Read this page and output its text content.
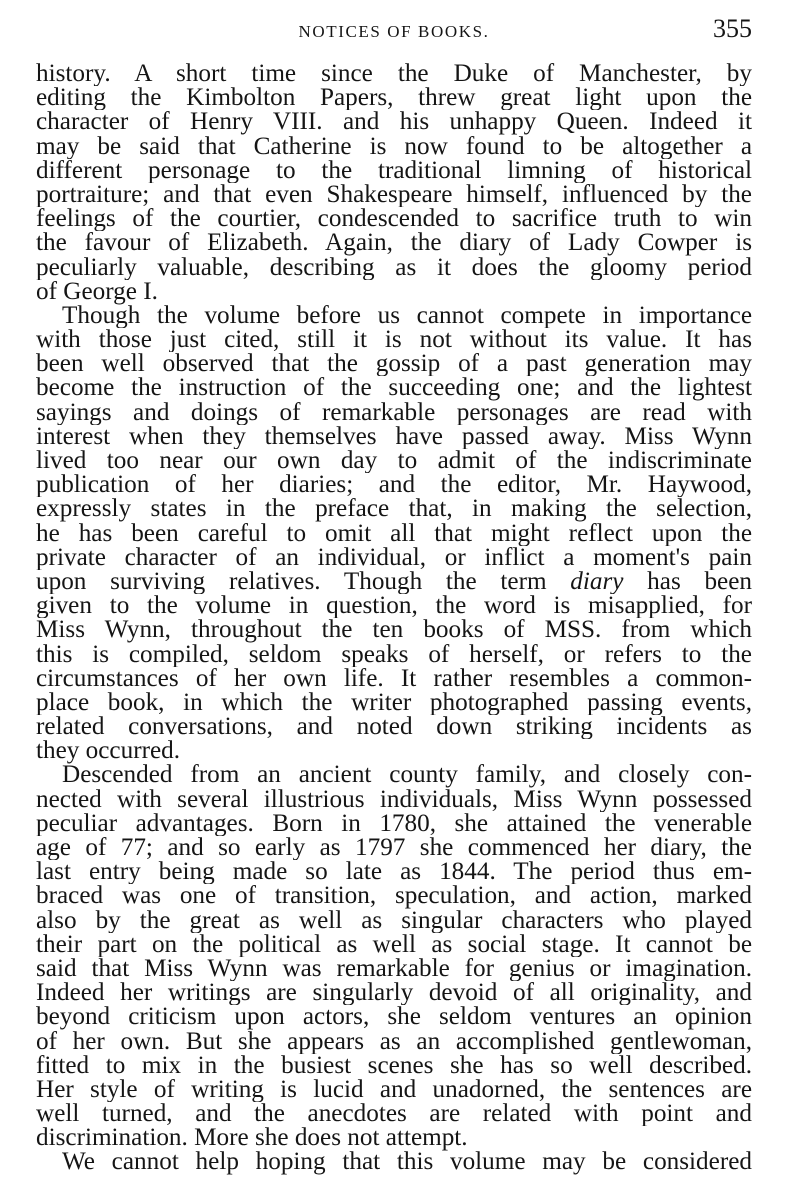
NOTICES OF BOOKS.	355
history. A short time since the Duke of Manchester, by
editing the Kimbolton Papers, threw great light upon the
character of Henry VIII. and his unhappy Queen. Indeed it
may be said that Catherine is now found to be altogether a
different personage to the traditional limning of historical
portraiture; and that even Shakespeare himself, influenced by the
feelings of the courtier, condescended to sacrifice truth to win
the favour of Elizabeth. Again, the diary of Lady Cowper is
peculiarly valuable, describing as it does the gloomy period
of George I.
Though the volume before us cannot compete in importance
with those just cited, still it is not without its value. It has
been well observed that the gossip of a past generation may
become the instruction of the succeeding one; and the lightest
sayings and doings of remarkable personages are read with
interest when they themselves have passed away. Miss Wynn
lived too near our own day to admit of the indiscriminate
publication of her diaries; and the editor, Mr. Haywood,
expressly states in the preface that, in making the selection,
he has been careful to omit all that might reflect upon the
private character of an individual, or inflict a moment's pain
upon surviving relatives. Though the term diary has been
given to the volume in question, the word is misapplied, for
Miss Wynn, throughout the ten books of MSS. from which
this is compiled, seldom speaks of herself, or refers to the
circumstances of her own life. It rather resembles a common-
place book, in which the writer photographed passing events,
related conversations, and noted down striking incidents as
they occurred.
Descended from an ancient county family, and closely con-
nected with several illustrious individuals, Miss Wynn possessed
peculiar advantages. Born in 1780, she attained the venerable
age of 77; and so early as 1797 she commenced her diary, the
last entry being made so late as 1844. The period thus em-
braced was one of transition, speculation, and action, marked
also by the great as well as singular characters who played
their part on the political as well as social stage. It cannot be
said that Miss Wynn was remarkable for genius or imagination.
Indeed her writings are singularly devoid of all originality, and
beyond criticism upon actors, she seldom ventures an opinion
of her own. But she appears as an accomplished gentlewoman,
fitted to mix in the busiest scenes she has so well described.
Her style of writing is lucid and unadorned, the sentences are
well turned, and the anecdotes are related with point and
discrimination. More she does not attempt.
We cannot help hoping that this volume may be considered
